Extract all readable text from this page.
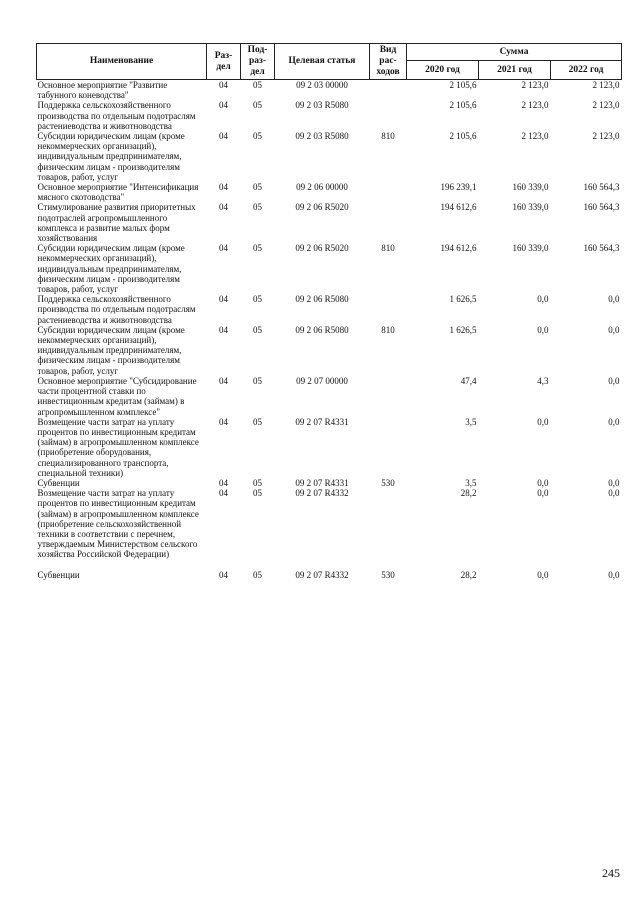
Наименование	Раз-дел	Под-раз-дел	Целевая статья	Вид рас-ходов	Сумма		
					2020 год	2021 год	2022 год
Основное мероприятие "Развитие табунного коневодства"	04	05	09 2 03 00000		2 105,6	2 123,0	2 123,0
Поддержка сельскохозяйственного производства по отдельным подотраслям растениеводства и животноводства	04	05	09 2 03 R5080		2 105,6	2 123,0	2 123,0
Субсидии юридическим лицам (кроме некоммерческих организаций), индивидуальным предпринимателям, физическим лицам - производителям товаров, работ, услуг	04	05	09 2 03 R5080	810	2 105,6	2 123,0	2 123,0
Основное мероприятие "Интенсификация мясного скотоводства"	04	05	09 2 06 00000		196 239,1	160 339,0	160 564,3
Стимулирование развития приоритетных подотраслей агропромышленного комплекса и развитие малых форм хозяйствования	04	05	09 2 06 R5020		194 612,6	160 339,0	160 564,3
Субсидии юридическим лицам (кроме некоммерческих организаций), индивидуальным предпринимателям, физическим лицам - производителям товаров, работ, услуг	04	05	09 2 06 R5020	810	194 612,6	160 339,0	160 564,3
Поддержка сельскохозяйственного производства по отдельным подотраслям растениеводства и животноводства	04	05	09 2 06 R5080		1 626,5	0,0	0,0
Субсидии юридическим лицам (кроме некоммерческих организаций), индивидуальным предпринимателям, физическим лицам - производителям товаров, работ, услуг	04	05	09 2 06 R5080	810	1 626,5	0,0	0,0
Основное мероприятие "Субсидирование части процентной ставки по инвестиционным кредитам (займам) в агропромышленном комплексе"	04	05	09 2 07 00000		47,4	4,3	0,0
Возмещение части затрат на уплату процентов по инвестиционным кредитам (займам) в агропромышленном комплексе (приобретение оборудования, специализированного транспорта, специальной техники)	04	05	09 2 07 R4331		3,5	0,0	0,0
Субвенции	04	05	09 2 07 R4331	530	3,5	0,0	0,0
Возмещение части затрат на уплату процентов по инвестиционным кредитам (займам) в агропромышленном комплексе (приобретение сельскохозяйственной техники в соответствии с перечнем, утверждаемым Министерством сельского хозяйства Российской Федерации)	04	05	09 2 07 R4332		28,2	0,0	0,0
Субвенции	04	05	09 2 07 R4332	530	28,2	0,0	0,0
245
